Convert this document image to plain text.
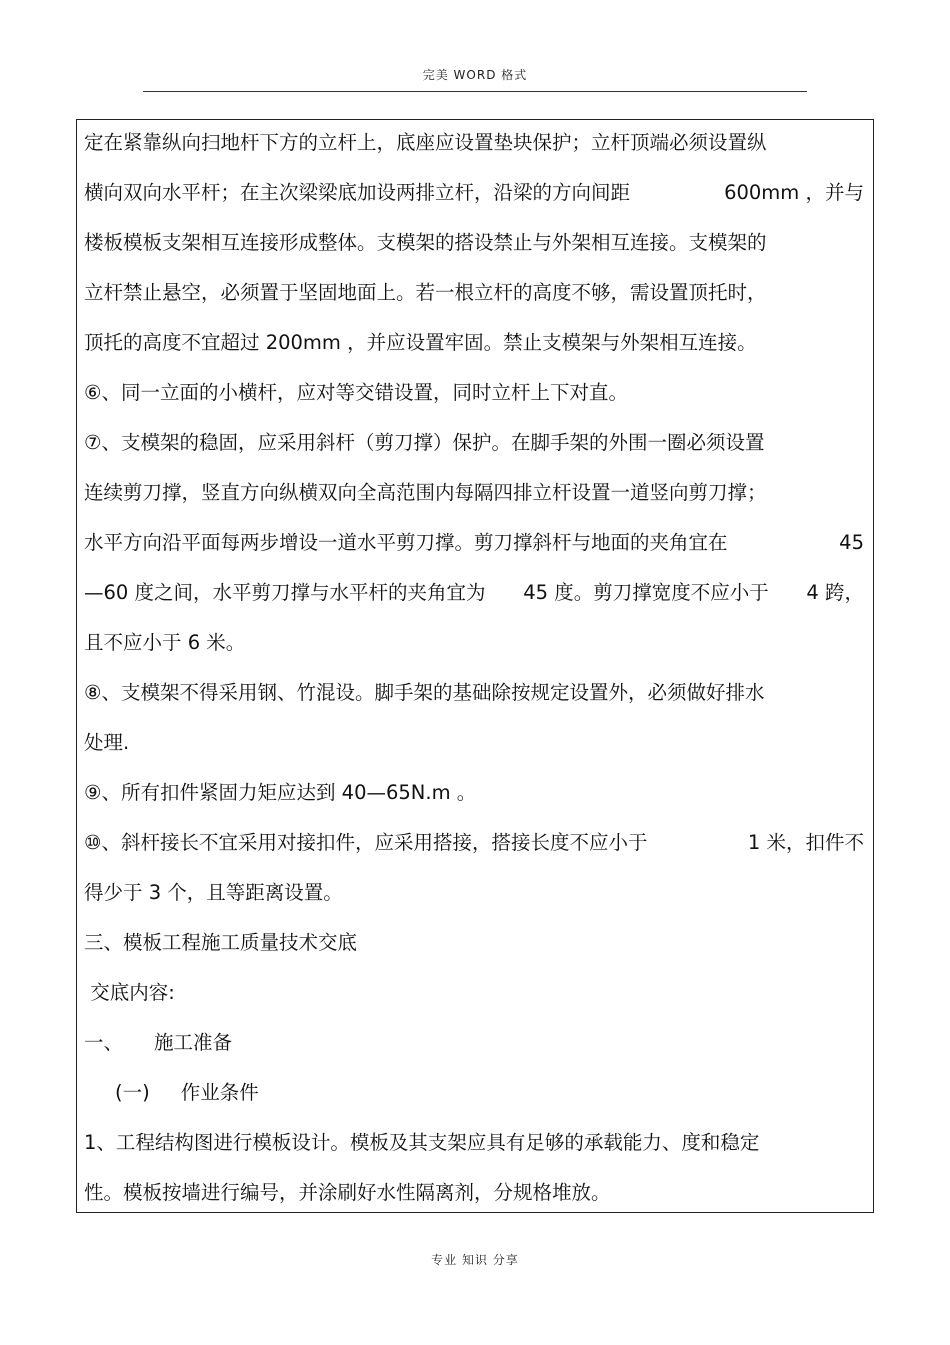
完美 WORD 格式
定在紧靠纵向扫地杆下方的立杆上，底座应设置垫块保护；立杆顶端必须设置纵
横向双向水平杆；在主次梁梁底加设两排立杆，沿梁的方向间距	600mm ，并与
楼板模板支架相互连接形成整体。支模架的搭设禁止与外架相互连接。支模架的
立杆禁止悬空，必须置于坚固地面上。若一根立杆的高度不够，需设置顶托时，
顶托的高度不宜超过 200mm ，并应设置牢固。禁止支模架与外架相互连接。
⑥、同一立面的小横杆，应对等交错设置，同时立杆上下对直。
⑦、支模架的稳固，应采用斜杆（剪刀撑）保护。在脚手架的外围一圈必须设置
连续剪刀撑，竖直方向纵横双向全高范围内每隔四排立杆设置一道竖向剪刀撑；
水平方向沿平面每两步增设一道水平剪刀撑。剪刀撑斜杆与地面的夹角宜在	45
—60 度之间，水平剪刀撑与水平杆的夹角宜为 45 度。剪刀撑宽度不应小于 4 跨，
且不应小于 6 米。
⑧、支模架不得采用钢、竹混设。脚手架的基础除按规定设置外，必须做好排水
处理.
⑨、所有扣件紧固力矩应达到 40—65N.m 。
⑩、斜杆接长不宜采用对接扣件，应采用搭接，搭接长度不应小于	1 米，扣件不
得少于 3 个，且等距离设置。
三、模板工程施工质量技术交底
交底内容:
一、     施工准备
(一)     作业条件
1、工程结构图进行模板设计。模板及其支架应具有足够的承载能力、度和稳定
性。模板按墙进行编号，并涂刷好水性隔离剂，分规格堆放。
专业 知识 分享
